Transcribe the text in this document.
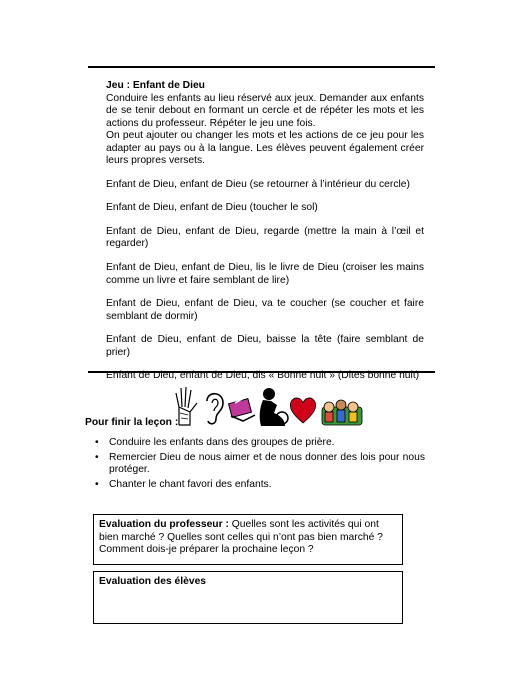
Jeu : Enfant de Dieu

Conduire les enfants au lieu réservé aux jeux. Demander aux enfants de se tenir debout en formant un cercle et de répéter les mots et les actions du professeur. Répéter le jeu une fois.

On peut ajouter ou changer les mots et les actions de ce jeu pour les adapter au pays ou à la langue. Les élèves peuvent également créer leurs propres versets.

Enfant de Dieu, enfant de Dieu (se retourner à l’intérieur du cercle)

Enfant de Dieu, enfant de Dieu (toucher le sol)

Enfant de Dieu, enfant de Dieu, regarde (mettre la main à l’œil et regarder)

Enfant de Dieu, enfant de Dieu, lis le livre de Dieu (croiser les mains comme un livre et faire semblant de lire)

Enfant de Dieu, enfant de Dieu, va te coucher (se coucher et faire semblant de dormir)

Enfant de Dieu, enfant de Dieu, baisse la tête (faire semblant de prier)

Enfant de Dieu, enfant de Dieu, dis « Bonne nuit » (Dites bonne nuit)

Pour finir la leçon :
• Conduire les enfants dans des groupes de prière.
• Remercier Dieu de nous aimer et de nous donner des lois pour nous protéger.
• Chanter le chant favori des enfants.
Evaluation du professeur : Quelles sont les activités qui ont bien marché ? Quelles sont celles qui n’ont pas bien marché ?
Comment dois-je préparer la prochaine leçon ?
Evaluation des élèves
